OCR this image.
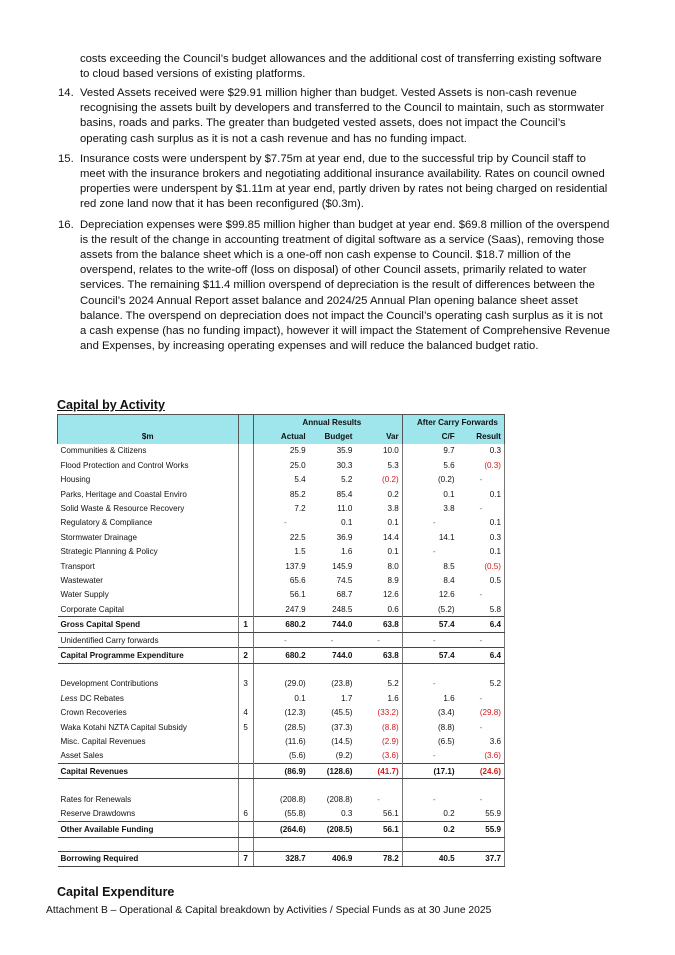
costs exceeding the Council’s budget allowances and the additional cost of transferring existing software to cloud based versions of existing platforms.

14. Vested Assets received were $29.91 million higher than budget. Vested Assets is non-cash revenue recognising the assets built by developers and transferred to the Council to maintain, such as stormwater basins, roads and parks. The greater than budgeted vested assets, does not impact the Council’s operating cash surplus as it is not a cash revenue and has no funding impact.
15. Insurance costs were underspent by $7.75m at year end, due to the successful trip by Council staff to meet with the insurance brokers and negotiating additional insurance availability. Rates on council owned properties were underspent by $1.11m at year end, partly driven by rates not being charged on residential red zone land now that it has been reconfigured ($0.3m).
16. Depreciation expenses were $99.85 million higher than budget at year end. $69.8 million of the overspend is the result of the change in accounting treatment of digital software as a service (Saas), removing those assets from the balance sheet which is a one-off non cash expense to Council. $18.7 million of the overspend, relates to the write-off (loss on disposal) of other Council assets, primarily related to water services. The remaining $11.4 million overspend of depreciation is the result of differences between the Council’s 2024 Annual Report asset balance and 2024/25 Annual Plan opening balance sheet asset balance. The overspend on depreciation does not impact the Council’s operating cash surplus as it is not a cash expense (has no funding impact), however it will impact the Statement of Comprehensive Revenue and Expenses, by increasing operating expenses and will reduce the balanced budget ratio.
Capital by Activity
			Annual Results				After Carry Forwards	
$m			Actual	Budget	Var		C/F	Result
Communities & Citizens			25.9	35.9	10.0		9.7	0.3
Flood Protection and Control Works			25.0	30.3	5.3		5.6	(0.3)
Housing			5.4	5.2	(0.2)		(0.2)	-
Parks, Heritage and Coastal Enviro			85.2	85.4	0.2		0.1	0.1
Solid Waste & Resource Recovery			7.2	11.0	3.8		3.8	-
Regulatory & Compliance			-	0.1	0.1		-	0.1
Stormwater Drainage			22.5	36.9	14.4		14.1	0.3
Strategic Planning & Policy			1.5	1.6	0.1		-	0.1
Transport			137.9	145.9	8.0		8.5	(0.5)
Wastewater			65.6	74.5	8.9		8.4	0.5
Water Supply			56.1	68.7	12.6		12.6	-
Corporate Capital			247.9	248.5	0.6		(5.2)	5.8
Gross Capital Spend	1		680.2	744.0	63.8		57.4	6.4
Unidentified Carry forwards			-	-	-		-	-
Capital Programme Expenditure	2		680.2	744.0	63.8		57.4	6.4

Development Contributions	3		(29.0)	(23.8)	5.2		-	5.2
Less DC Rebates			0.1	1.7	1.6		1.6	-
Crown Recoveries	4		(12.3)	(45.5)	(33.2)		(3.4)	(29.8)
Waka Kotahi NZTA Capital Subsidy	5		(28.5)	(37.3)	(8.8)		(8.8)	-
Misc. Capital Revenues			(11.6)	(14.5)	(2.9)		(6.5)	3.6
Asset Sales			(5.6)	(9.2)	(3.6)		-	(3.6)
Capital Revenues			(86.9)	(128.6)	(41.7)		(17.1)	(24.6)

Rates for Renewals			(208.8)	(208.8)	-		-	-
Reserve Drawdowns	6		(55.8)	0.3	56.1		0.2	55.9
Other Available Funding			(264.6)	(208.5)	56.1		0.2	55.9

Borrowing Required	7		328.7	406.9	78.2		40.5	37.7
Capital Expenditure
Attachment B – Operational & Capital breakdown by Activities / Special Funds as at 30 June 2025
